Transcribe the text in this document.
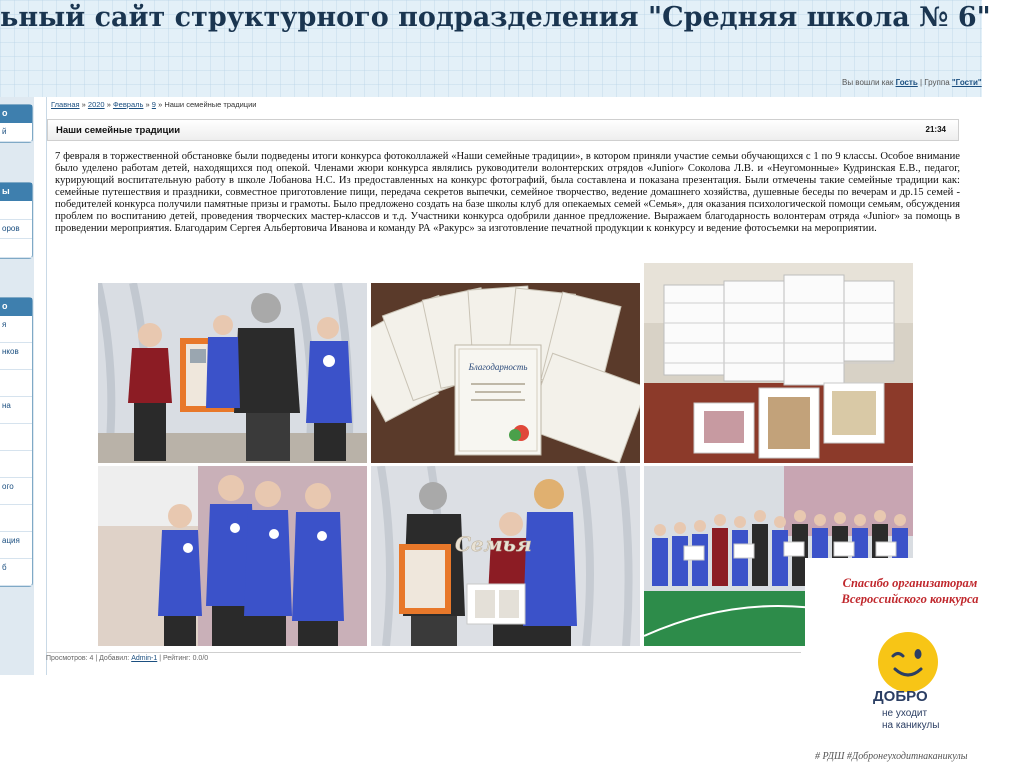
ьный сайт структурного подразделения "Средняя школа № 6"
Вы вошли как Гость | Группа "Гости"
о
й
ы
оров
о
я
нков
на
ого
ация
б
Главная » 2020 » Февраль » 9 » Наши семейные традиции
Наши семейные традиции	21:34

7 февраля в торжественной обстановке были подведены итоги конкурса фотоколлажей «Наши семейные традиции», в котором приняли участие семьи обучающихся с 1 по 9 классы. Особое внимание было уделено работам детей, находящихся под опекой. Членами жюри конкурса являлись руководители волонтерских отрядов «Junior» Соколова Л.В. и «Неугомонные» Кудринская Е.В., педагог, курирующий воспитательную работу в школе Лобанова Н.С. Из предоставленных на конкурс фотографий, была составлена и показана презентация. Были отмечены такие семейные традиции как: семейные путешествия и праздники, совместное приготовление пищи, передача секретов выпечки, семейное творчество, ведение домашнего хозяйства, душевные беседы по вечерам и др.15 семей - победителей конкурса получили памятные призы и грамоты. Было предложено создать на базе школы клуб для опекаемых семей «Семья», для оказания психологической помощи семьям, обсуждения проблем по воспитанию детей, проведения творческих мастер-классов и т.д. Участники конкурса одобрили данное предложение. Выражаем благодарность волонтерам отряда «Junior» за помощь в проведении мероприятия. Благодарим Сергея Альбертовича Иванова и команду РА «Ракурс» за изготовление печатной продукции к конкурсу и ведение фотосъемки на мероприятии.

Благодарность
Семья
Просмотров: 4 | Добавил: Admin-1 | Рейтинг: 0.0/0

Спасибо организаторам Всероссийского конкурса

ДОБРО
не уходит
на каникулы
# РДШ #Добронеуходитнаканикулы
